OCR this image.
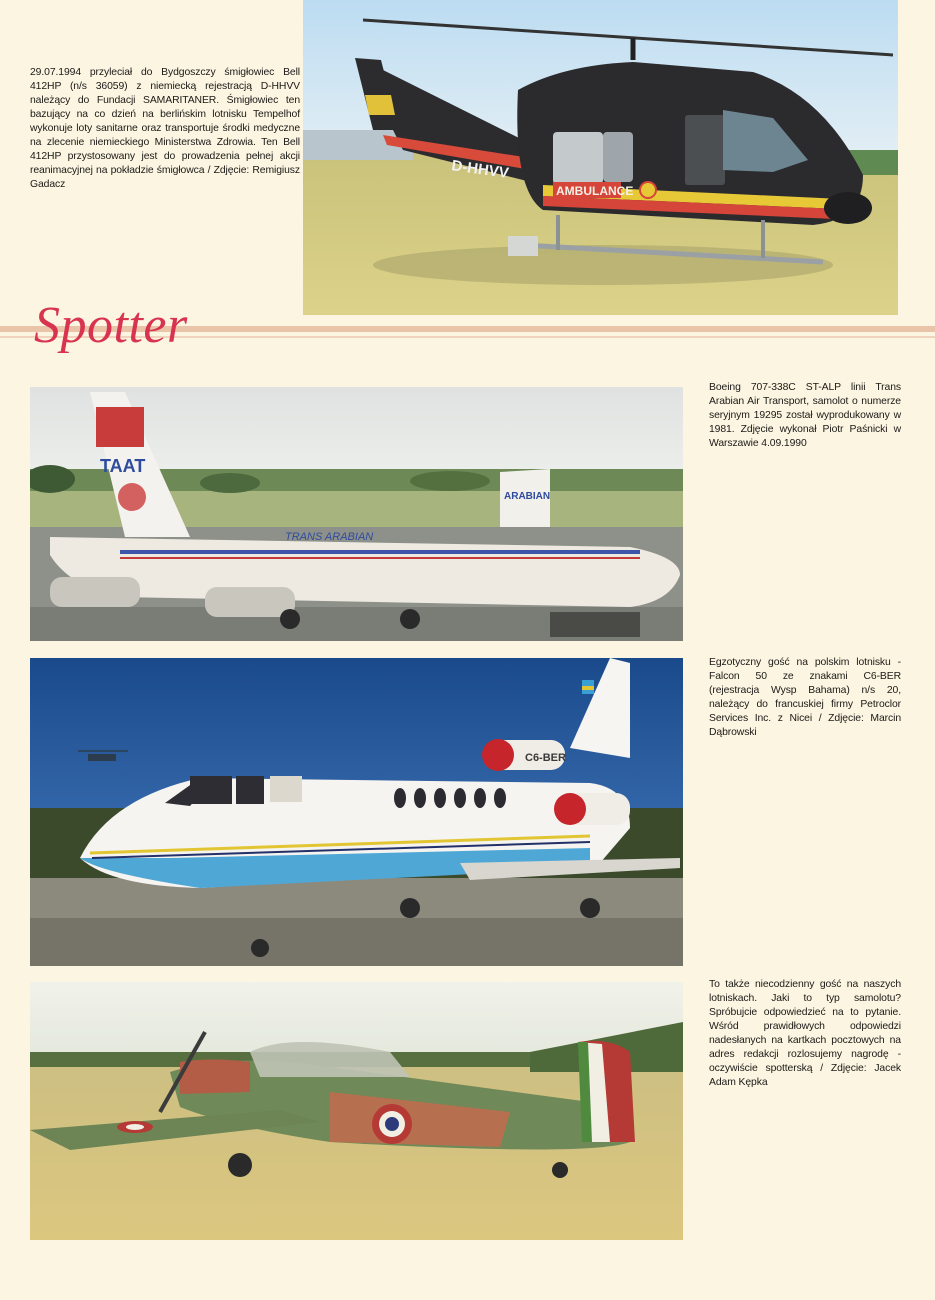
29.07.1994 przyleciał do Bydgoszczy śmigłowiec Bell 412HP (n/s 36059) z niemiecką rejestracją D-HHVV należący do Fundacji SAMARITANER. Śmigłowiec ten bazujący na co dzień na berlińskim lotnisku Tempelhof wykonuje loty sanitarne oraz transportuje środki medyczne na zlecenie niemieckiego Ministerstwa Zdrowia. Ten Bell 412HP przystosowany jest do prowadzenia pełnej akcji reanimacyjnej na pokładzie śmigłowca / Zdjęcie: Remigiusz Gadacz	AMBULANCE
D-HHVV
Spotter
TRANS ARABIAN
TAAT
ARABIAN
Boeing 707-338C ST-ALP linii Trans Arabian Air Transport, samolot o numerze seryjnym 19295 został wyprodukowany w 1981. Zdjęcie wykonał Piotr Paśnicki w Warszawie 4.09.1990
C6-BER
Egzotyczny gość na polskim lotnisku - Falcon 50 ze znakami C6-BER (rejestracja Wysp Bahama) n/s 20, należący do francuskiej firmy Petroclor Services Inc. z Nicei / Zdjęcie: Marcin Dąbrowski
To także niecodzienny gość na naszych lotniskach. Jaki to typ samolotu? Spróbujcie odpowiedzieć na to pytanie. Wśród prawidłowych odpowiedzi nadesłanych na kartkach pocztowych na adres redakcji rozlosujemy nagrodę - oczywiście spotterską / Zdjęcie: Jacek Adam Kępka
